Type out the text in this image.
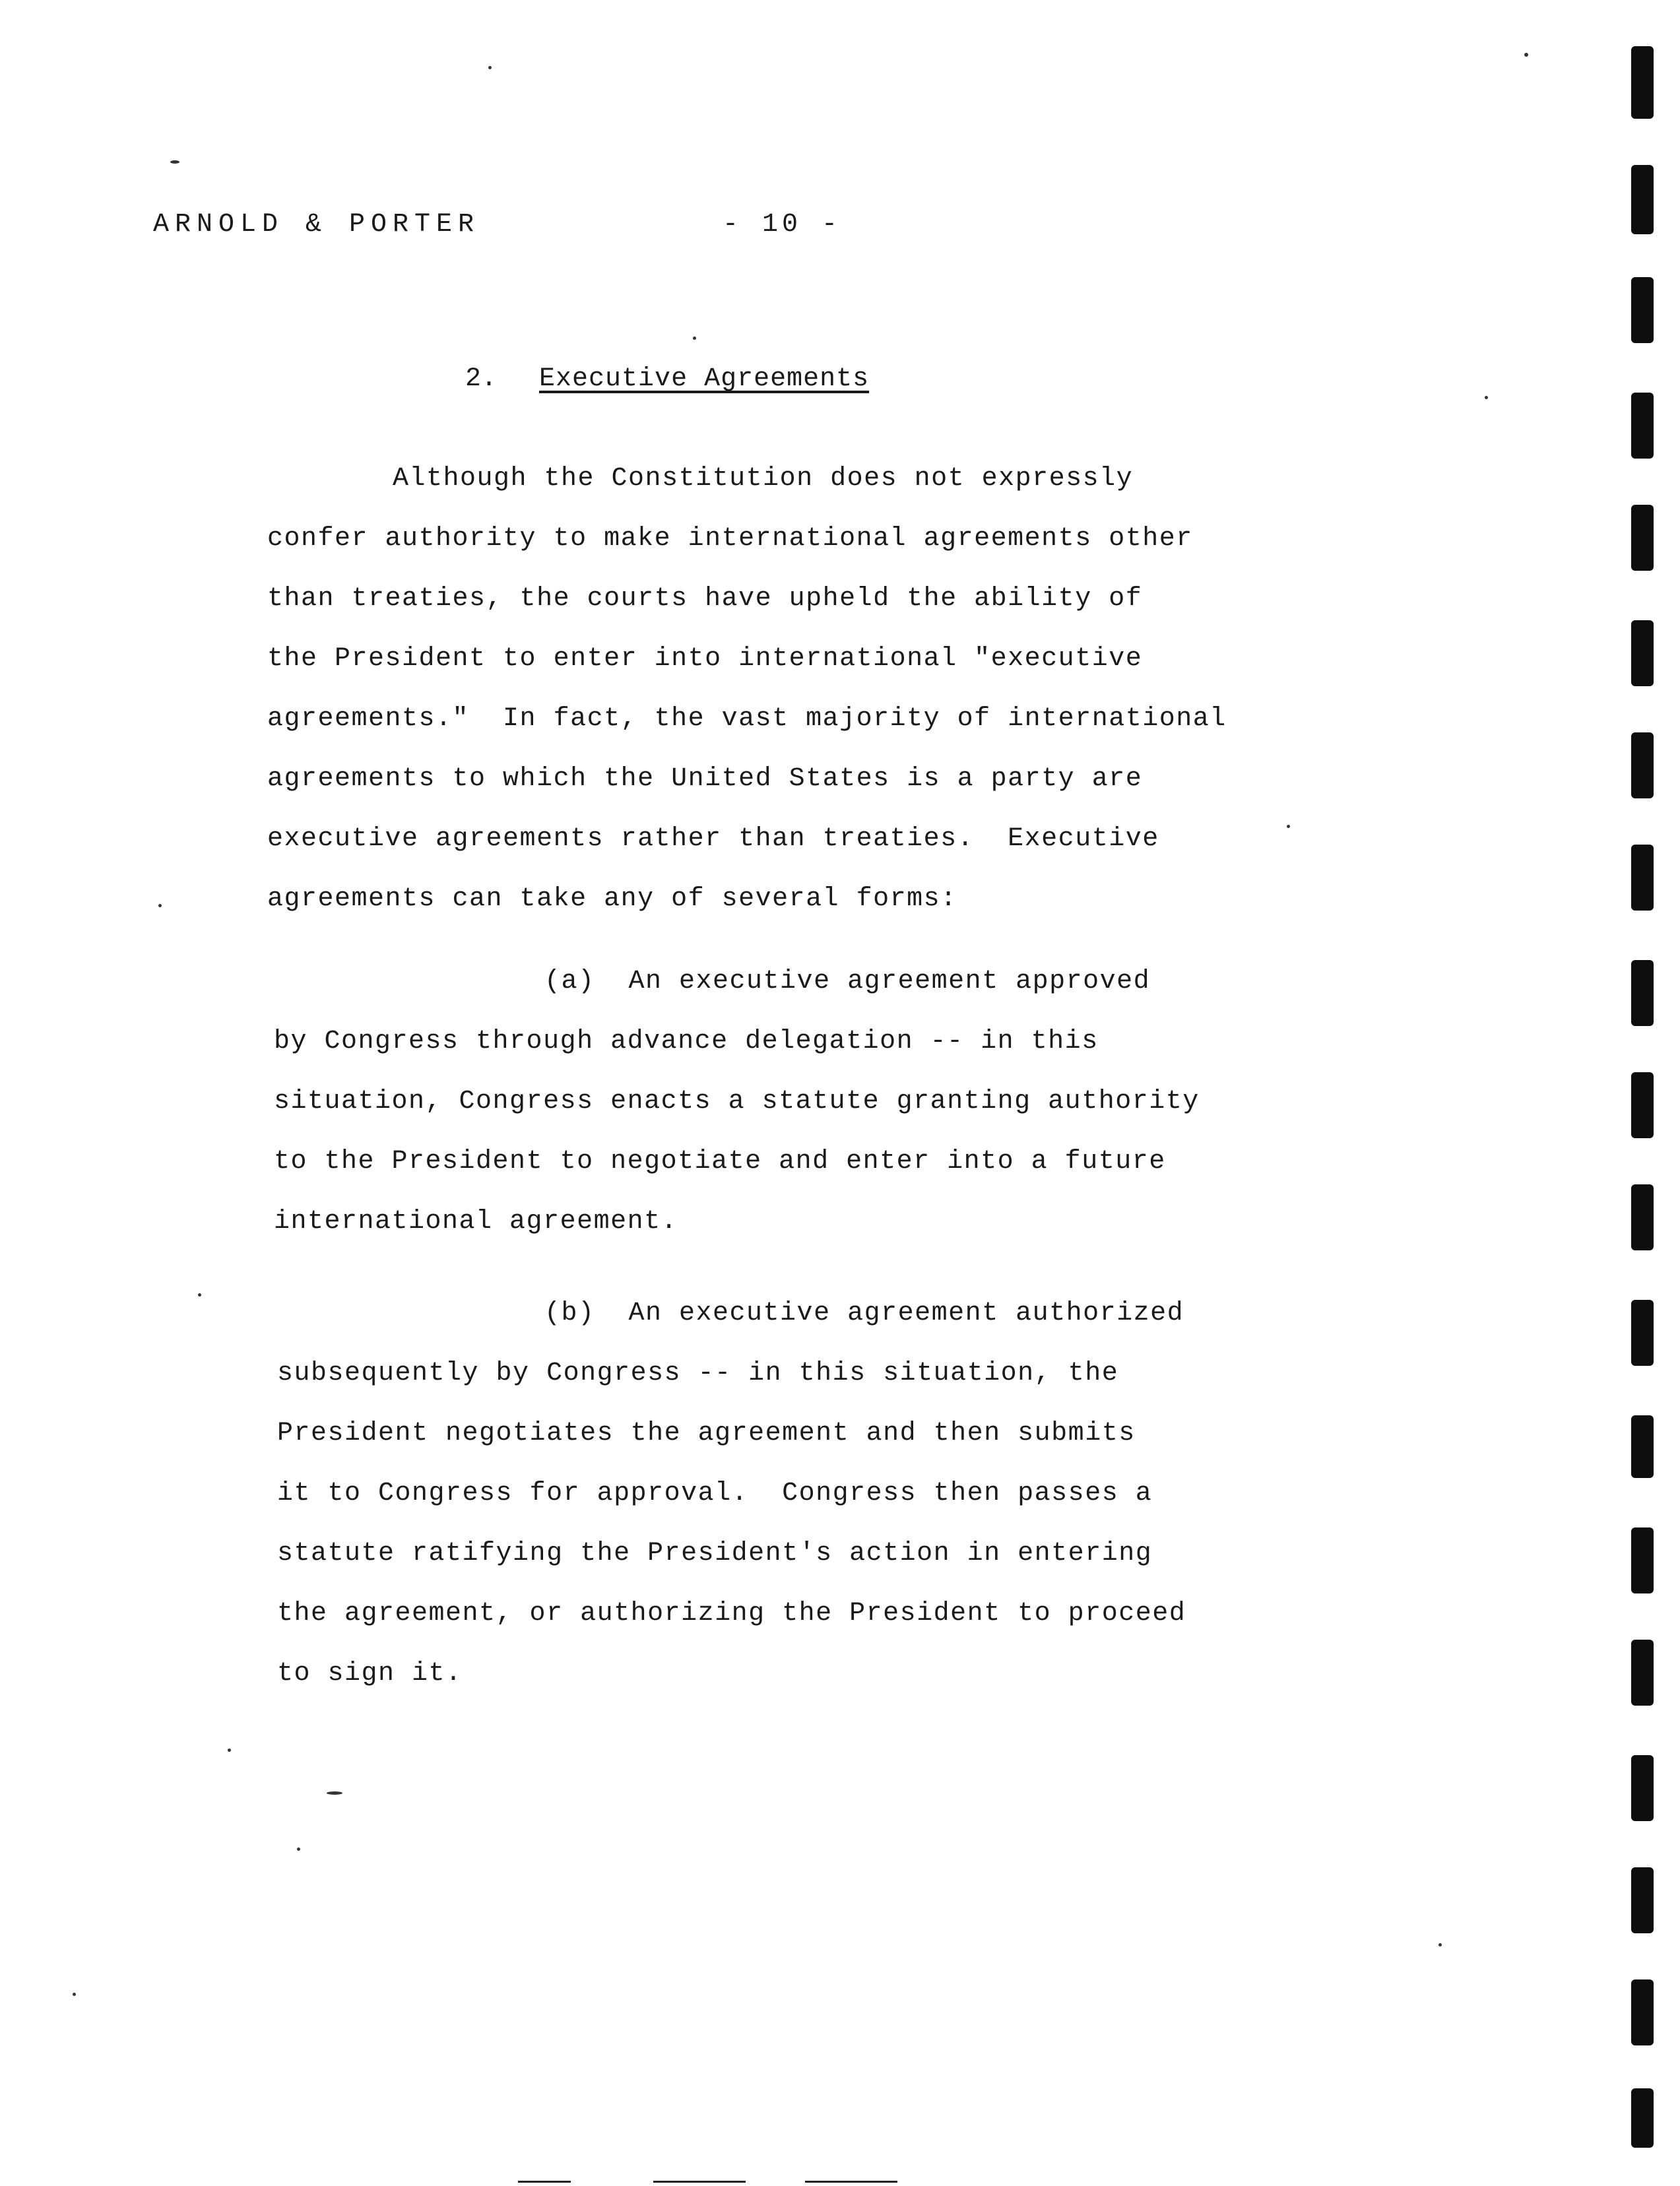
ARNOLD & PORTER	- 10 -
2. Executive Agreements
Although the Constitution does not expressly
confer authority to make international agreements other
than treaties, the courts have upheld the ability of
the President to enter into international "executive
agreements."  In fact, the vast majority of international
agreements to which the United States is a party are
executive agreements rather than treaties.  Executive
agreements can take any of several forms:
(a)  An executive agreement approved
by Congress through advance delegation -- in this
situation, Congress enacts a statute granting authority
to the President to negotiate and enter into a future
international agreement.
(b)  An executive agreement authorized
subsequently by Congress -- in this situation, the
President negotiates the agreement and then submits
it to Congress for approval.  Congress then passes a
statute ratifying the President's action in entering
the agreement, or authorizing the President to proceed
to sign it.
